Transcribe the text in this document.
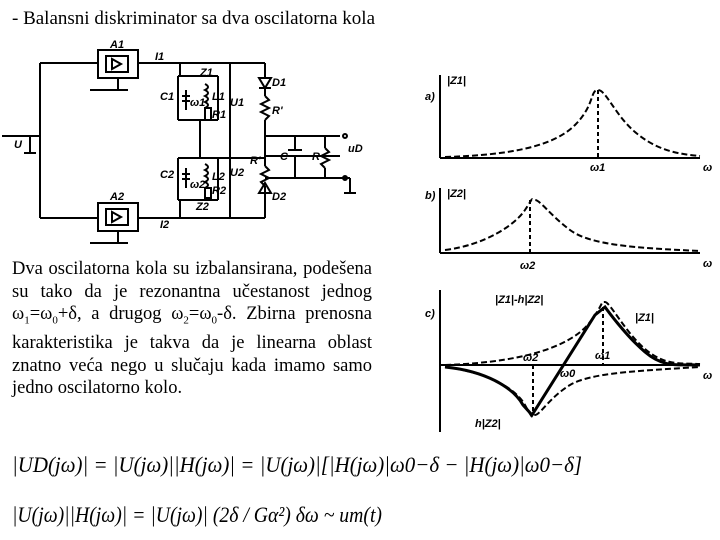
- Balansni diskriminator sa dva oscilatorna kola
A1
I1
Z1
C1	L1
ω1
R1
U1
C2	L2
ω2 R2
U2
Z2
A2
I2
D1
R'
R'
D2
C R
uD
U
a)
|Z1|
ω1	ω
b) |Z2|
ω2	ω
c)
|Z1|-h|Z2|
|Z1|
h|Z2|
ω2
ω0
ω1
ω
Dva oscilatorna kola su izbalansirana, podešena su tako da je rezonantna učestanost jednog $\omega_1=\omega_0+\delta$, a drugog $\omega_2=\omega_0-\delta$. Zbirna prenosna karakteristika je takva da je linearna oblast znatno veća nego u slučaju kada imamo samo jedno oscilatorno kolo.
|UD(jω)| = |U(jω)||H(jω)| = |U(jω)|[|H(jω)|ω0−δ − |H(jω)|ω0−δ]
|U(jω)||H(jω)| = |U(jω)| (2δ / Gα²) δω ~ um(t)
